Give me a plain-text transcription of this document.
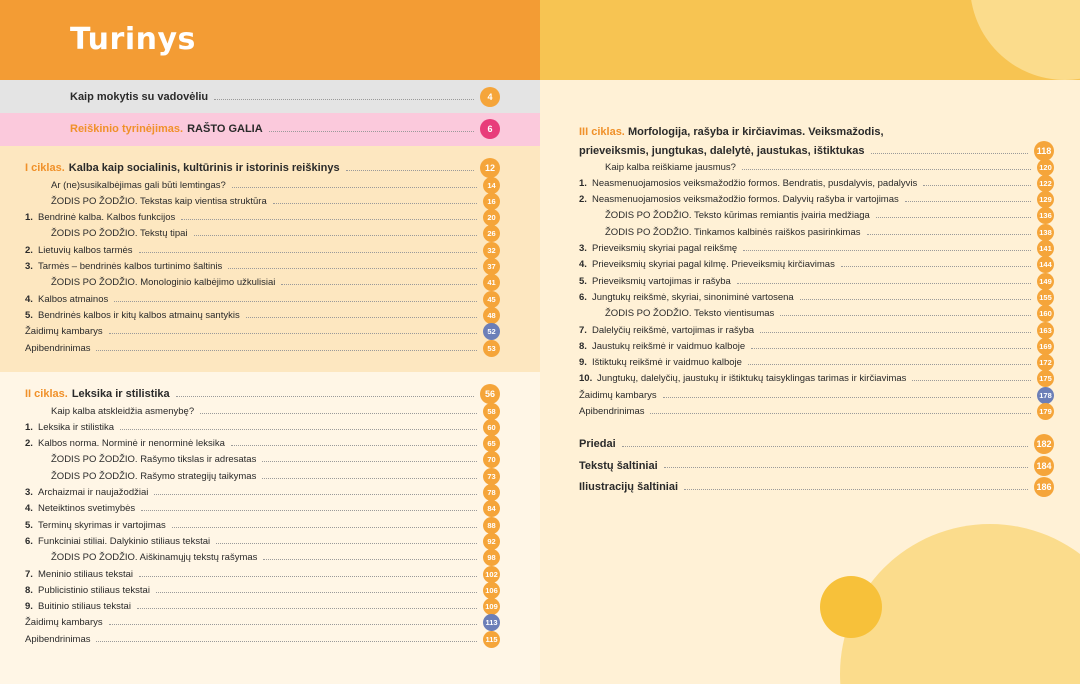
Turinys
Kaip mokytis su vadovėliu	4
Reiškinio tyrinėjimas. RAŠTO GALIA	6
I ciklas. Kalba kaip socialinis, kultūrinis ir istorinis reiškinys	12
Ar (ne)susikalbėjimas gali būti lemtingas?	14
ŽODIS PO ŽODŽIO. Tekstas kaip vientisa struktūra	16
1. Bendrinė kalba. Kalbos funkcijos	20
ŽODIS PO ŽODŽIO. Tekstų tipai	26
2. Lietuvių kalbos tarmės	32
3. Tarmės – bendrinės kalbos turtinimo šaltinis	37
ŽODIS PO ŽODŽIO. Monologinio kalbėjimo užkulisiai	41
4. Kalbos atmainos	45
5. Bendrinės kalbos ir kitų kalbos atmainų santykis	48
Žaidimų kambarys	52
Apibendrinimas	53
II ciklas. Leksika ir stilistika	56
Kaip kalba atskleidžia asmenybę?	58
1. Leksika ir stilistika	60
2. Kalbos norma. Norminė ir nenorminė leksika	65
ŽODIS PO ŽODŽIO. Rašymo tikslas ir adresatas	70
ŽODIS PO ŽODŽIO. Rašymo strategijų taikymas	73
3. Archaizmai ir naujažodžiai	78
4. Neteiktinos svetimybės	84
5. Terminų skyrimas ir vartojimas	88
6. Funkciniai stiliai. Dalykinio stiliaus tekstai	92
ŽODIS PO ŽODŽIO. Aiškinamųjų tekstų rašymas	98
7. Meninio stiliaus tekstai	102
8. Publicistinio stiliaus tekstai	106
9. Buitinio stiliaus tekstai	109
Žaidimų kambarys	113
Apibendrinimas	115
III ciklas. Morfologija, rašyba ir kirčiavimas. Veiksmažodis,
prieveiksmis, jungtukas, dalelytė, jaustukas, ištiktukas	118
Kaip kalba reiškiame jausmus?	120
1. Neasmenuojamosios veiksmažodžio formos. Bendratis, pusdalyvis, padalyvis	122
2. Neasmenuojamosios veiksmažodžio formos. Dalyvių rašyba ir vartojimas	129
ŽODIS PO ŽODŽIO. Teksto kūrimas remiantis įvairia medžiaga	136
ŽODIS PO ŽODŽIO. Tinkamos kalbinės raiškos pasirinkimas	138
3. Prieveiksmių skyriai pagal reikšmę	141
4. Prieveiksmių skyriai pagal kilmę. Prieveiksmių kirčiavimas	144
5. Prieveiksmių vartojimas ir rašyba	149
6. Jungtukų reikšmė, skyriai, sinoniminė vartosena	155
ŽODIS PO ŽODŽIO. Teksto vientisumas	160
7. Dalelyčių reikšmė, vartojimas ir rašyba	163
8. Jaustukų reikšmė ir vaidmuo kalboje	169
9. Ištiktukų reikšmė ir vaidmuo kalboje	172
10. Jungtukų, dalelyčių, jaustukų ir ištiktukų taisyklingas tarimas ir kirčiavimas	175
Žaidimų kambarys	178
Apibendrinimas	179
Priedai	182
Tekstų šaltiniai	184
Iliustracijų šaltiniai	186
